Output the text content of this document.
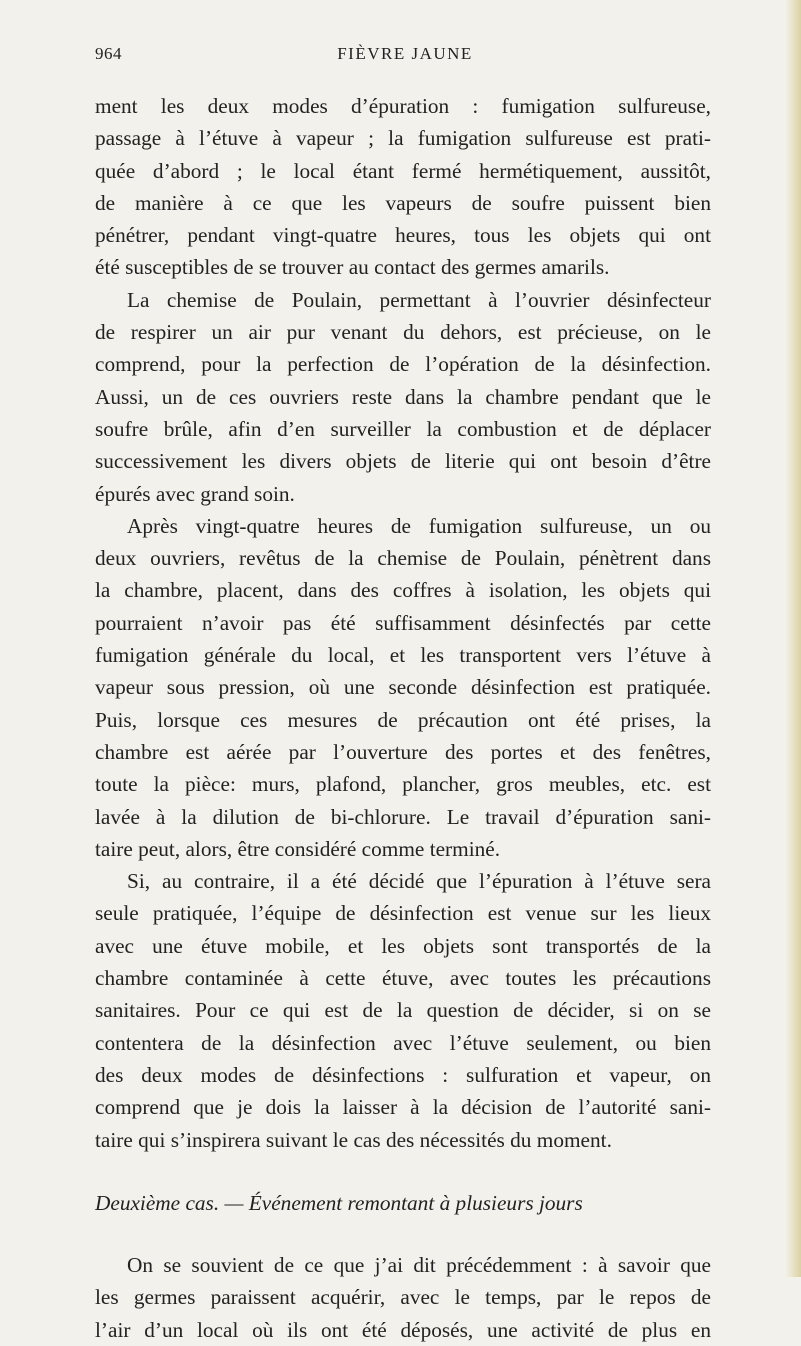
964	FIÈVRE JAUNE

ment les deux modes d’épuration : fumigation sulfureuse,
passage à l’étuve à vapeur ; la fumigation sulfureuse est prati-
quée d’abord ; le local étant fermé hermétiquement, aussitôt,
de manière à ce que les vapeurs de soufre puissent bien
pénétrer, pendant vingt-quatre heures, tous les objets qui ont
été susceptibles de se trouver au contact des germes amarils.

La chemise de Poulain, permettant à l’ouvrier désinfecteur
de respirer un air pur venant du dehors, est précieuse, on le
comprend, pour la perfection de l’opération de la désinfection.
Aussi, un de ces ouvriers reste dans la chambre pendant que le
soufre brûle, afin d’en surveiller la combustion et de déplacer
successivement les divers objets de literie qui ont besoin d’être
épurés avec grand soin.

Après vingt-quatre heures de fumigation sulfureuse, un ou
deux ouvriers, revêtus de la chemise de Poulain, pénètrent dans
la chambre, placent, dans des coffres à isolation, les objets qui
pourraient n’avoir pas été suffisamment désinfectés par cette
fumigation générale du local, et les transportent vers l’étuve à
vapeur sous pression, où une seconde désinfection est pratiquée.
Puis, lorsque ces mesures de précaution ont été prises, la
chambre est aérée par l’ouverture des portes et des fenêtres,
toute la pièce: murs, plafond, plancher, gros meubles, etc. est
lavée à la dilution de bi-chlorure. Le travail d’épuration sani-
taire peut, alors, être considéré comme terminé.

Si, au contraire, il a été décidé que l’épuration à l’étuve sera
seule pratiquée, l’équipe de désinfection est venue sur les lieux
avec une étuve mobile, et les objets sont transportés de la
chambre contaminée à cette étuve, avec toutes les précautions
sanitaires. Pour ce qui est de la question de décider, si on se
contentera de la désinfection avec l’étuve seulement, ou bien
des deux modes de désinfections : sulfuration et vapeur, on
comprend que je dois la laisser à la décision de l’autorité sani-
taire qui s’inspirera suivant le cas des nécessités du moment.

Deuxième cas. — Événement remontant à plusieurs jours

On se souvient de ce que j’ai dit précédemment : à savoir que
les germes paraissent acquérir, avec le temps, par le repos de
l’air d’un local où ils ont été déposés, une activité de plus en
